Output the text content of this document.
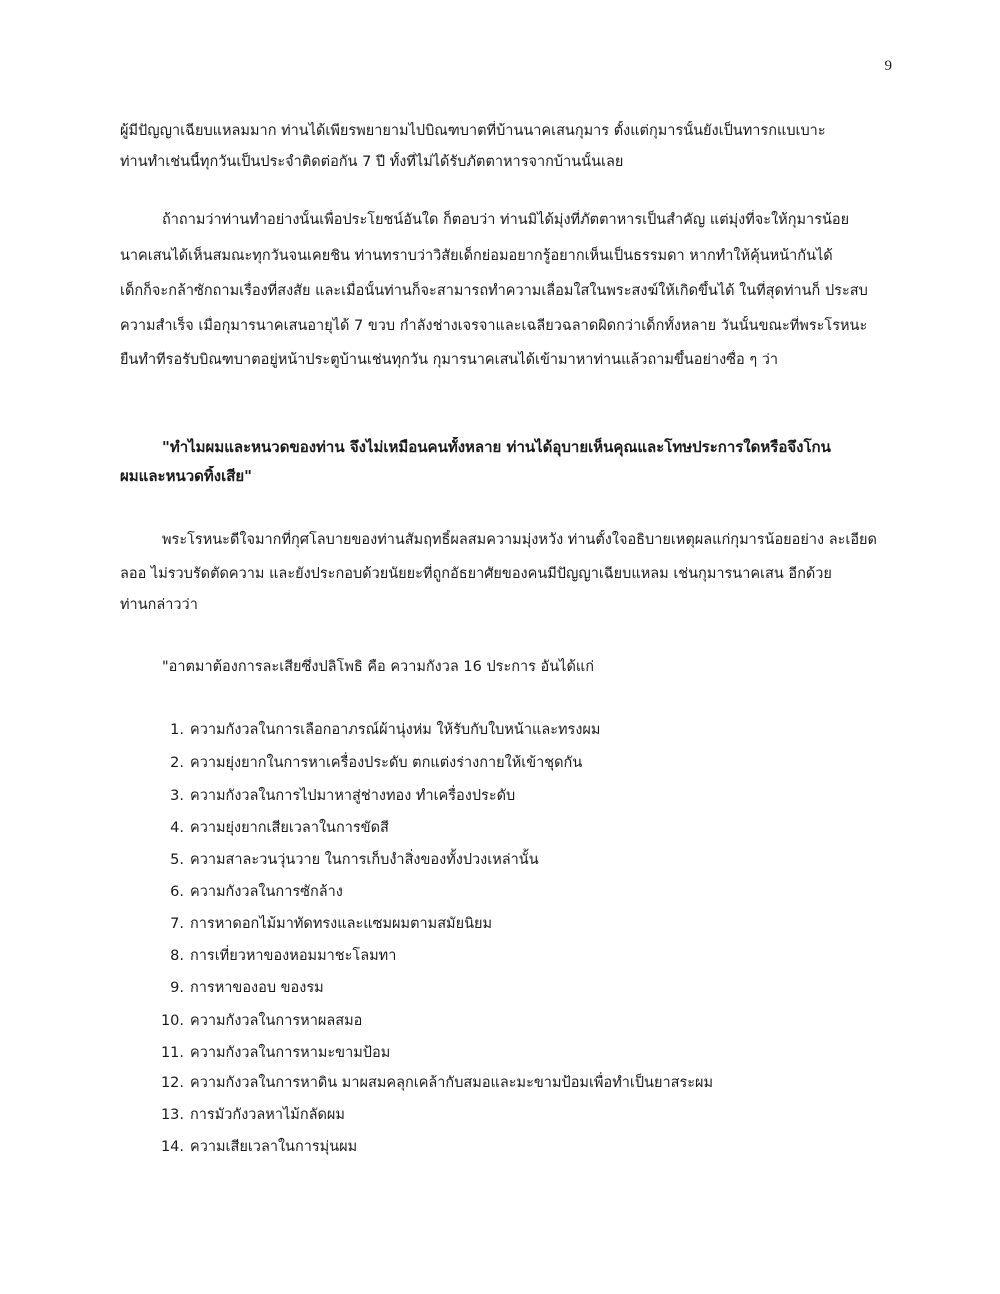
9
ผู้มีปัญญาเฉียบแหลมมาก ท่านได้เพียรพยายามไปบิณฑบาตที่บ้านนาคเสนกุมาร ตั้งแต่กุมารนั้นยังเป็นทารกแบเบาะ
ท่านทำเช่นนี้ทุกวันเป็นประจำติดต่อกัน 7 ปี ทั้งที่ไม่ได้รับภัตตาหารจากบ้านนั้นเลย
ถ้าถามว่าท่านทำอย่างนั้นเพื่อประโยชน์อันใด ก็ตอบว่า ท่านมิได้มุ่งที่ภัตตาหารเป็นสำคัญ แต่มุ่งที่จะให้กุมารน้อย
นาคเสนได้เห็นสมณะทุกวันจนเคยชิน ท่านทราบว่าวิสัยเด็กย่อมอยากรู้อยากเห็นเป็นธรรมดา หากทำให้คุ้นหน้ากันได้
เด็กก็จะกล้าซักถามเรื่องที่สงสัย และเมื่อนั้นท่านก็จะสามารถทำความเลื่อมใสในพระสงฆ์ให้เกิดขึ้นได้ ในที่สุดท่านก็ ประสบ
ความสำเร็จ เมื่อกุมารนาคเสนอายุได้ 7 ขวบ กำลังช่างเจรจาและเฉลียวฉลาดผิดกว่าเด็กทั้งหลาย วันนั้นขณะที่พระโรหนะ
ยืนทำทีรอรับบิณฑบาตอยู่หน้าประตูบ้านเช่นทุกวัน กุมารนาคเสนได้เข้ามาหาท่านแล้วถามขึ้นอย่างซื่อ ๆ ว่า
"ทำไมผมและหนวดของท่าน จึงไม่เหมือนคนทั้งหลาย ท่านได้อุบายเห็นคุณและโทษประการใดหรือจึงโกน
ผมและหนวดทิ้งเสีย"
พระโรหนะดีใจมากที่กุศโลบายของท่านสัมฤทธิ์ผลสมความมุ่งหวัง ท่านตั้งใจอธิบายเหตุผลแก่กุมารน้อยอย่าง ละเอียด
ลออ ไม่รวบรัดตัดความ และยังประกอบด้วยนัยยะที่ถูกอัธยาศัยของคนมีปัญญาเฉียบแหลม เช่นกุมารนาคเสน อีกด้วย
ท่านกล่าวว่า
"อาตมาต้องการละเสียซึ่งปลิโพธิ คือ ความกังวล 16 ประการ อันได้แก่
1. ความกังวลในการเลือกอาภรณ์ผ้านุ่งห่ม ให้รับกับใบหน้าและทรงผม
2. ความยุ่งยากในการหาเครื่องประดับ ตกแต่งร่างกายให้เข้าชุดกัน
3. ความกังวลในการไปมาหาสู่ช่างทอง ทำเครื่องประดับ
4. ความยุ่งยากเสียเวลาในการขัดสี
5. ความสาละวนวุ่นวาย ในการเก็บงำสิ่งของทั้งปวงเหล่านั้น
6. ความกังวลในการซักล้าง
7. การหาดอกไม้มาทัดทรงและแซมผมตามสมัยนิยม
8. การเที่ยวหาของหอมมาชะโลมทา
9. การหาของอบ ของรม
10. ความกังวลในการหาผลสมอ
11. ความกังวลในการหามะขามป้อม
12. ความกังวลในการหาดิน มาผสมคลุกเคล้ากับสมอและมะขามป้อมเพื่อทำเป็นยาสระผม
13. การมัวกังวลหาไม้กลัดผม
14. ความเสียเวลาในการมุ่นผม
